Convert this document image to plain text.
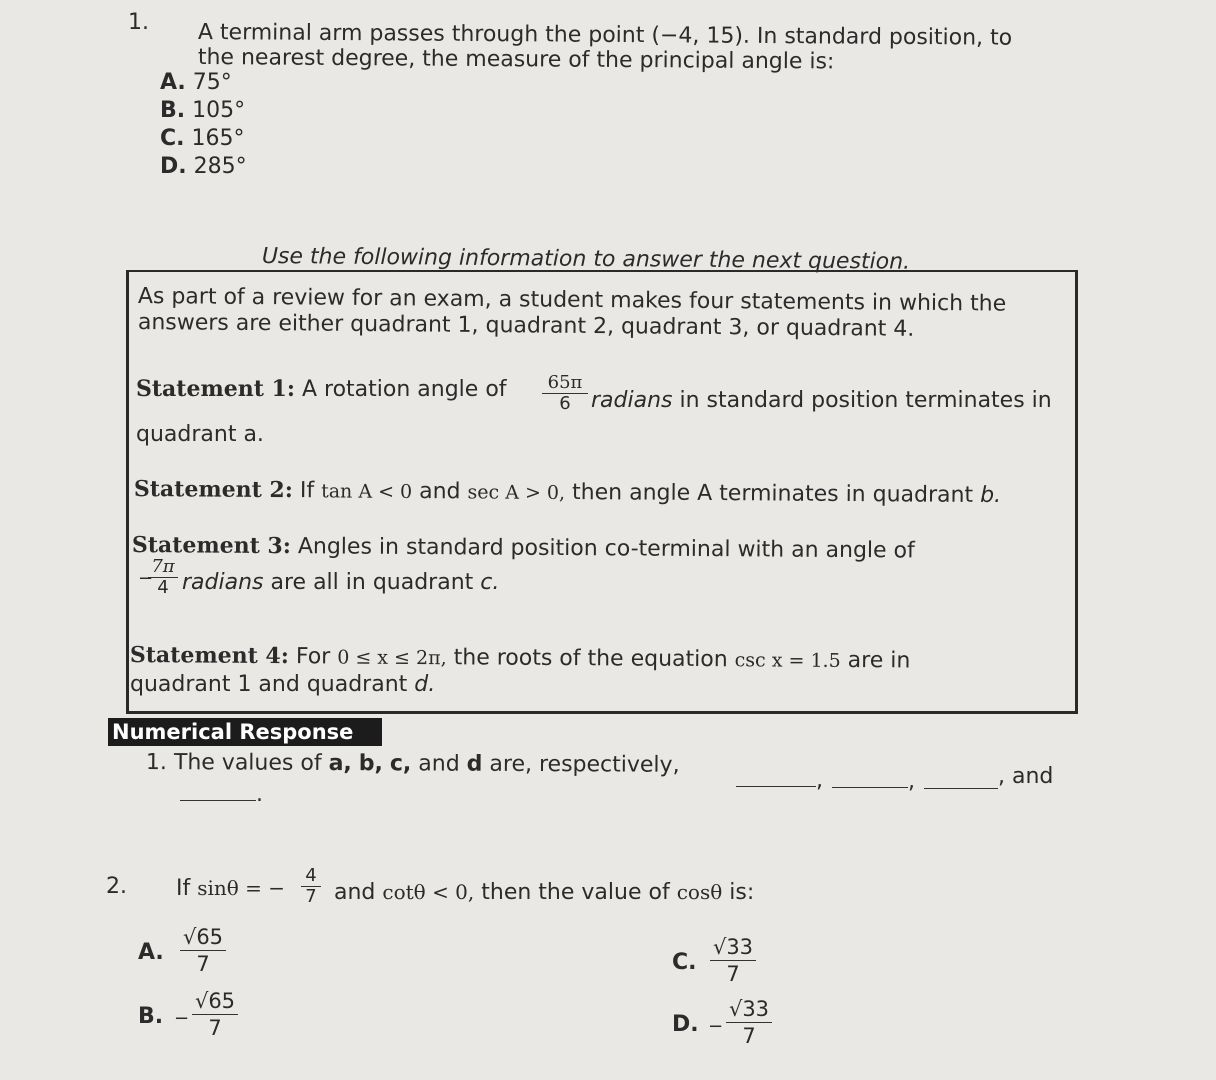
1. A terminal arm passes through the point (−4, 15). In standard position, to
the nearest degree, the measure of the principal angle is:
A. 75°
B. 105°
C. 165°
D. 285°
Use the following information to answer the next question.
As part of a review for an exam, a student makes four statements in which the
answers are either quadrant 1, quadrant 2, quadrant 3, or quadrant 4.
Statement 1: A rotation angle of $\frac{65\pi}{6}$ radians in standard position terminates in
quadrant a.
Statement 2: If tan A < 0 and sec A > 0, then angle A terminates in quadrant b.
Statement 3: Angles in standard position co-terminal with an angle of
−
$\frac{7\pi}{4}$ radians are all in quadrant c.
Statement 4: For 0 ≤ x ≤ 2π, the roots of the equation csc x = 1.5 are in
quadrant 1 and quadrant d.
Numerical Response
1. The values of a, b, c, and d are, respectively,
,	,	, and
.
2. If sinθ = − $\frac{4}{7}$ and cotθ < 0, then the value of cosθ is:
A. $\frac{√65}{7}$
B. − $\frac{√65}{7}$
C. $\frac{√33}{7}$
D. − $\frac{√33}{7}$
